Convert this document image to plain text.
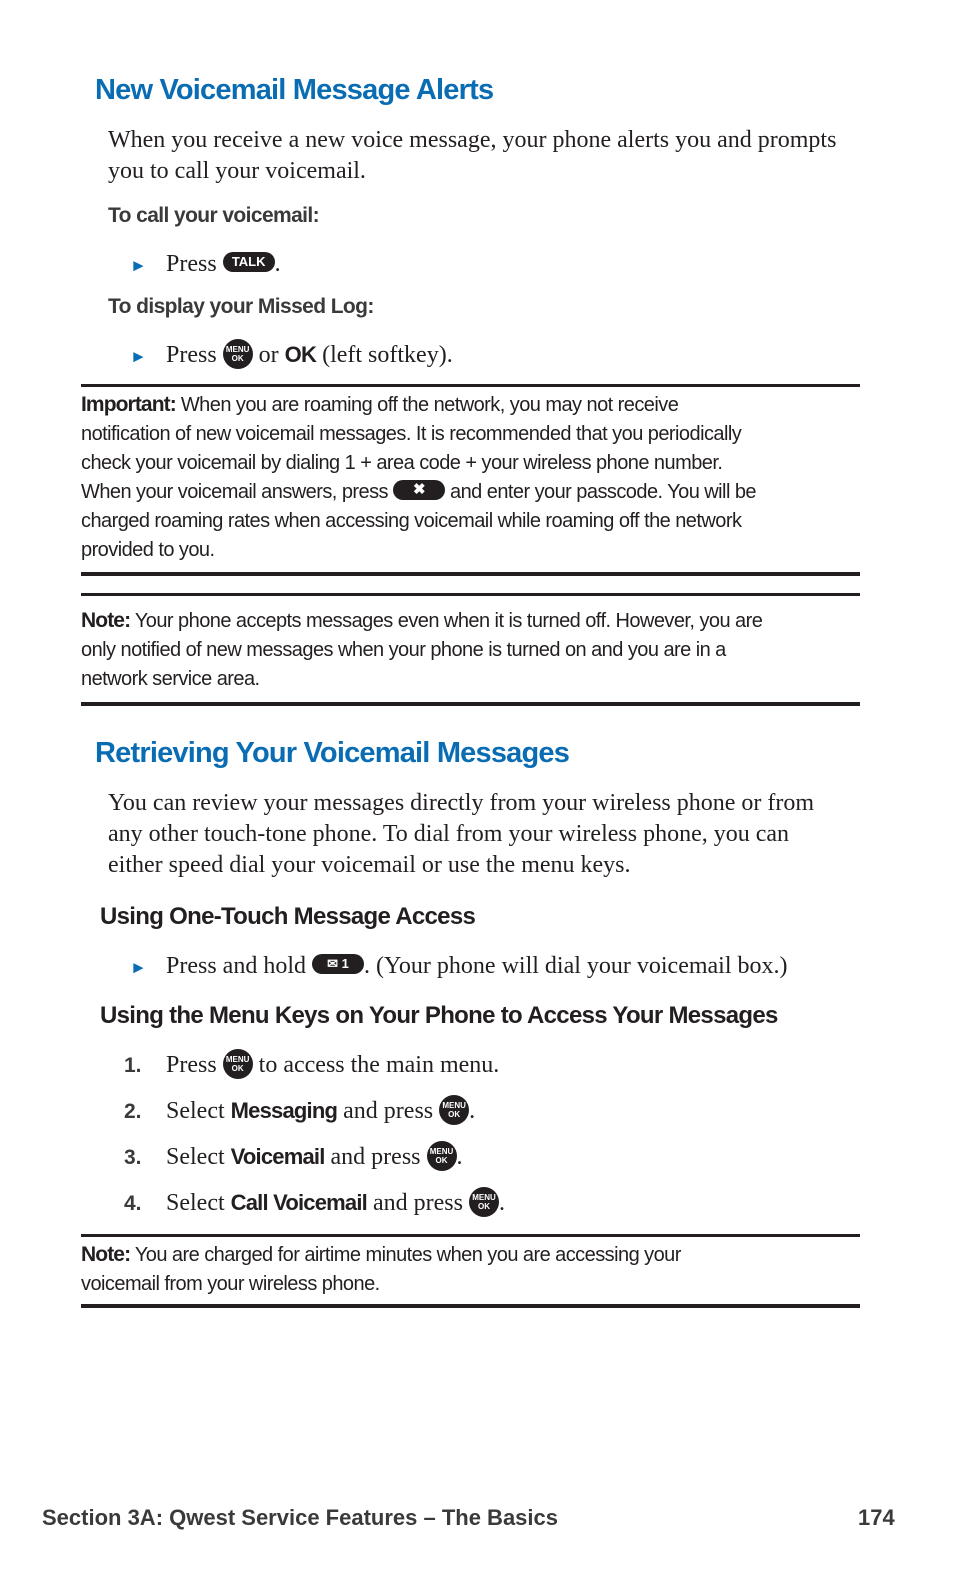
New Voicemail Message Alerts
When you receive a new voice message, your phone alerts you and prompts you to call your voicemail.
To call your voicemail:
► Press TALK .
To display your Missed Log:
► Press MENU
OK or OK (left softkey).
Important: When you are roaming off the network, you may not receive
notification of new voicemail messages. It is recommended that you periodically
check your voicemail by dialing 1 + area code + your wireless phone number.
When your voicemail answers, press ✖ and enter your passcode. You will be
charged roaming rates when accessing voicemail while roaming off the network
provided to you.
Note: Your phone accepts messages even when it is turned off. However, you are
only notified of new messages when your phone is turned on and you are in a
network service area.
Retrieving Your Voicemail Messages
You can review your messages directly from your wireless phone or from any other touch-tone phone. To dial from your wireless phone, you can either speed dial your voicemail or use the menu keys.
Using One-Touch Message Access
► Press and hold ✉ 1 . (Your phone will dial your voicemail box.)
Using the Menu Keys on Your Phone to Access Your Messages
1. Press MENU
OK to access the main menu.
2. Select Messaging and press MENU
OK .
3. Select Voicemail and press MENU
OK .
4. Select Call Voicemail and press MENU
OK .
Note: You are charged for airtime minutes when you are accessing your
voicemail from your wireless phone.
Section 3A: Qwest Service Features – The Basics	174
